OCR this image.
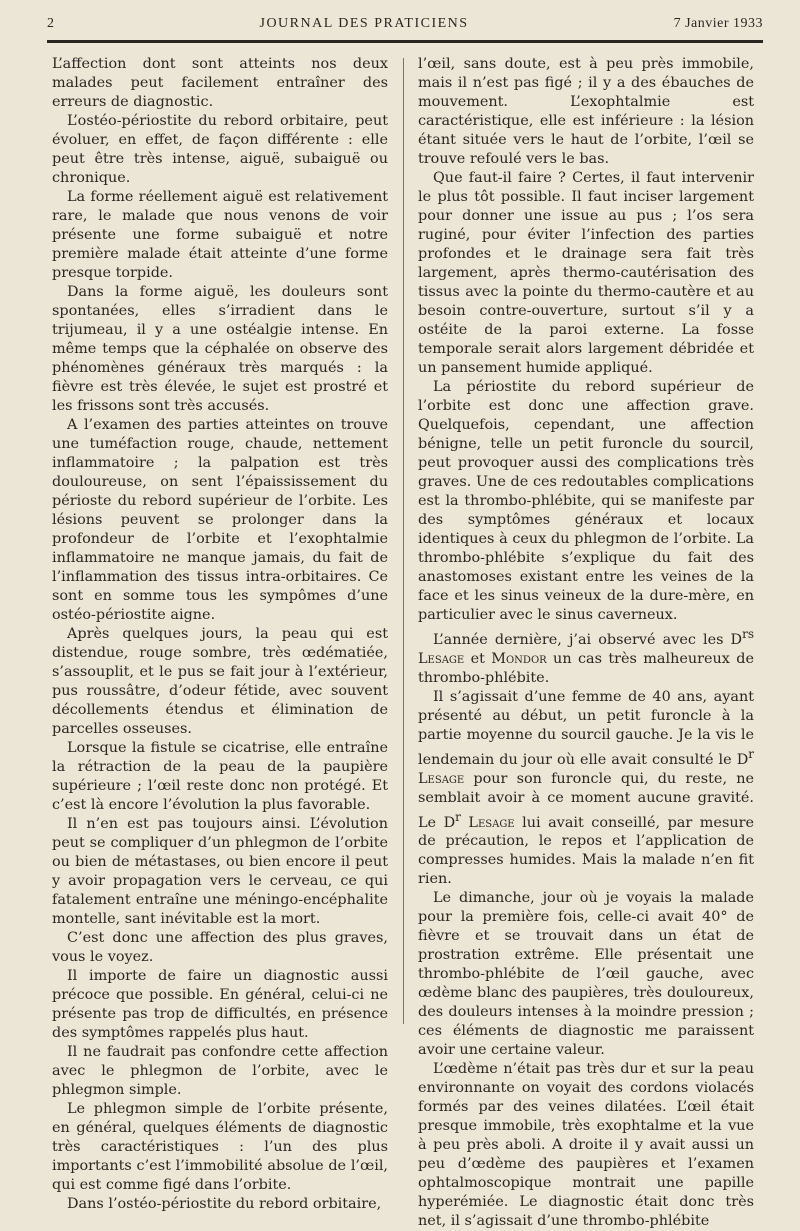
2	JOURNAL DES PRATICIENS	7 Janvier 1933

L’affection dont sont atteints nos deux malades peut facilement entraîner des erreurs de diagnostic.

L’ostéo-périostite du rebord orbitaire, peut évoluer, en effet, de façon différente : elle peut être très intense, aiguë, subaiguë ou chronique.

La forme réellement aiguë est relativement rare, le malade que nous venons de voir présente une forme subaiguë et notre première malade était atteinte d’une forme presque torpide.

Dans la forme aiguë, les douleurs sont spontanées, elles s’irradient dans le trijumeau, il y a une ostéalgie intense. En même temps que la céphalée on observe des phénomènes généraux très marqués : la fièvre est très élevée, le sujet est prostré et les frissons sont très accusés.

A l’examen des parties atteintes on trouve une tuméfaction rouge, chaude, nettement inflammatoire ; la palpation est très douloureuse, on sent l’épaississement du périoste du rebord supérieur de l’orbite. Les lésions peuvent se prolonger dans la profondeur de l’orbite et l’exophtalmie inflammatoire ne manque jamais, du fait de l’inflammation des tissus intra-orbitaires. Ce sont en somme tous les sympômes d’une ostéo-périostite aigne.

Après quelques jours, la peau qui est distendue, rouge sombre, très œdématiée, s’assouplit, et le pus se fait jour à l’extérieur, pus roussâtre, d’odeur fétide, avec souvent décollements étendus et élimination de parcelles osseuses.

Lorsque la fistule se cicatrise, elle entraîne la rétraction de la peau de la paupière supérieure ; l’œil reste donc non protégé. Et c’est là encore l’évolution la plus favorable.

Il n’en est pas toujours ainsi. L’évolution peut se compliquer d’un phlegmon de l’orbite ou bien de métastases, ou bien encore il peut y avoir propagation vers le cerveau, ce qui fatalement entraîne une méningo-encéphalite montelle, sant inévitable est la mort.

C’est donc une affection des plus graves, vous le voyez.

Il importe de faire un diagnostic aussi précoce que possible. En général, celui-ci ne présente pas trop de difficultés, en présence des symptômes rappelés plus haut.

Il ne faudrait pas confondre cette affection avec le phlegmon de l’orbite, avec le phlegmon simple.

Le phlegmon simple de l’orbite présente, en général, quelques éléments de diagnostic très caractéristiques : l’un des plus importants c’est l’immobilité absolue de l’œil, qui est comme figé dans l’orbite.

Dans l’ostéo-périostite du rebord orbitaire,

l’œil, sans doute, est à peu près immobile, mais il n’est pas figé ; il y a des ébauches de mouvement. L’exophtalmie est caractéristique, elle est inférieure : la lésion étant située vers le haut de l’orbite, l’œil se trouve refoulé vers le bas.

Que faut-il faire ? Certes, il faut intervenir le plus tôt possible. Il faut inciser largement pour donner une issue au pus ; l’os sera ruginé, pour éviter l’infection des parties profondes et le drainage sera fait très largement, après thermo-cautérisation des tissus avec la pointe du thermo-cautère et au besoin contre-ouverture, surtout s’il y a ostéite de la paroi externe. La fosse temporale serait alors largement débridée et un pansement humide appliqué.

La périostite du rebord supérieur de l’orbite est donc une affection grave. Quelquefois, cependant, une affection bénigne, telle un petit furoncle du sourcil, peut provoquer aussi des complications très graves. Une de ces redoutables complications est la thrombo-phlébite, qui se manifeste par des symptômes généraux et locaux identiques à ceux du phlegmon de l’orbite. La thrombo-phlébite s’explique du fait des anastomoses existant entre les veines de la face et les sinus veineux de la dure-mère, en particulier avec le sinus caverneux.

L’année dernière, j’ai observé avec les $D^{rs}$ Lesage et Mondor un cas très malheureux de thrombo-phlébite.

Il s’agissait d’une femme de 40 ans, ayant présenté au début, un petit furoncle à la partie moyenne du sourcil gauche. Je la vis le lendemain du jour où elle avait consulté le $D^r$ Lesage pour son furoncle qui, du reste, ne semblait avoir à ce moment aucune gravité. Le $D^r$ Lesage lui avait conseillé, par mesure de précaution, le repos et l’application de compresses humides. Mais la malade n’en fit rien.

Le dimanche, jour où je voyais la malade pour la première fois, celle-ci avait 40° de fièvre et se trouvait dans un état de prostration extrême. Elle présentait une thrombo-phlébite de l’œil gauche, avec œdème blanc des paupières, très douloureux, des douleurs intenses à la moindre pression ; ces éléments de diagnostic me paraissent avoir une certaine valeur.

L’œdème n’était pas très dur et sur la peau environnante on voyait des cordons violacés formés par des veines dilatées. L’œil était presque immobile, très exophtalme et la vue à peu près aboli. A droite il y avait aussi un peu d’œdème des paupières et l’examen ophtalmoscopique montrait une papille hyperémiée. Le diagnostic était donc très net, il s’agissait d’une thrombo-phlébite
